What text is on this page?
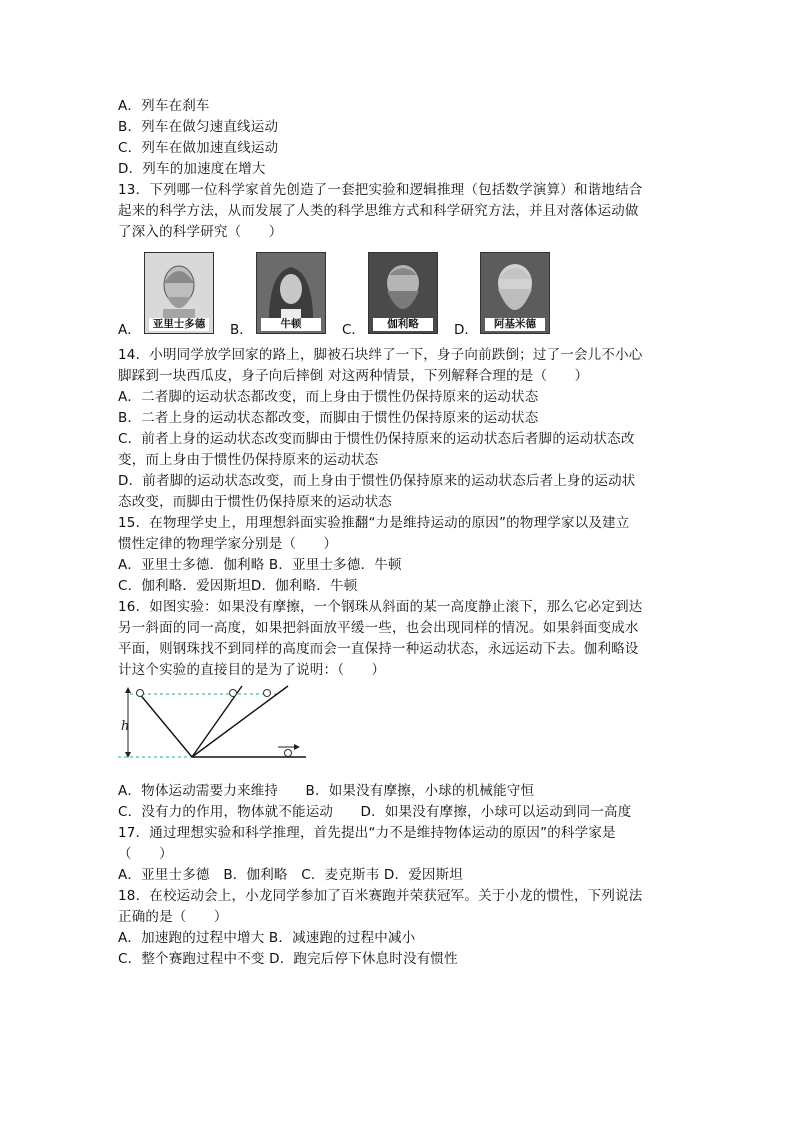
A．列车在刹车
B．列车在做匀速直线运动
C．列车在做加速直线运动
D．列车的加速度在增大
13．下列哪一位科学家首先创造了一套把实验和逻辑推理（包括数学演算）和谐地结合
起来的科学方法，从而发展了人类的科学思维方式和科学研究方法，并且对落体运动做
了深入的科学研究（　　）
A．	亚里士多德 B．	牛顿	C．	伽利略	D．	阿基米德
14．小明同学放学回家的路上，脚被石块绊了一下，身子向前跌倒；过了一会儿不小心
脚踩到一块西瓜皮，身子向后摔倒 对这两种情景，下列解释合理的是（　　）
A．二者脚的运动状态都改变，而上身由于惯性仍保持原来的运动状态
B．二者上身的运动状态都改变，而脚由于惯性仍保持原来的运动状态
C．前者上身的运动状态改变而脚由于惯性仍保持原来的运动状态后者脚的运动状态改
变，而上身由于惯性仍保持原来的运动状态
D．前者脚的运动状态改变，而上身由于惯性仍保持原来的运动状态后者上身的运动状
态改变，而脚由于惯性仍保持原来的运动状态
15．在物理学史上，用理想斜面实验推翻“力是维持运动的原因”的物理学家以及建立
惯性定律的物理学家分别是（　　）
A．亚里士多德．伽利略 B．亚里士多德．牛顿
C．伽利略．爱因斯坦D．伽利略．牛顿
16．如图实验：如果没有摩擦，一个钢珠从斜面的某一高度静止滚下，那么它必定到达
另一斜面的同一高度，如果把斜面放平缓一些，也会出现同样的情况。如果斜面变成水
平面，则钢珠找不到同样的高度而会一直保持一种运动状态，永远运动下去。伽利略设
计这个实验的直接目的是为了说明：（　　）
h
A．物体运动需要力来维持　　B．如果没有摩擦，小球的机械能守恒
C．没有力的作用，物体就不能运动　　D．如果没有摩擦，小球可以运动到同一高度
17．通过理想实验和科学推理，首先提出“力不是维持物体运动的原因”的科学家是
（　　）
A．亚里士多德　B．伽利略　C．麦克斯韦 D．爱因斯坦
18．在校运动会上，小龙同学参加了百米赛跑并荣获冠军。关于小龙的惯性，下列说法
正确的是（　　）
A．加速跑的过程中增大 B．减速跑的过程中减小
C．整个赛跑过程中不变 D．跑完后停下休息时没有惯性
